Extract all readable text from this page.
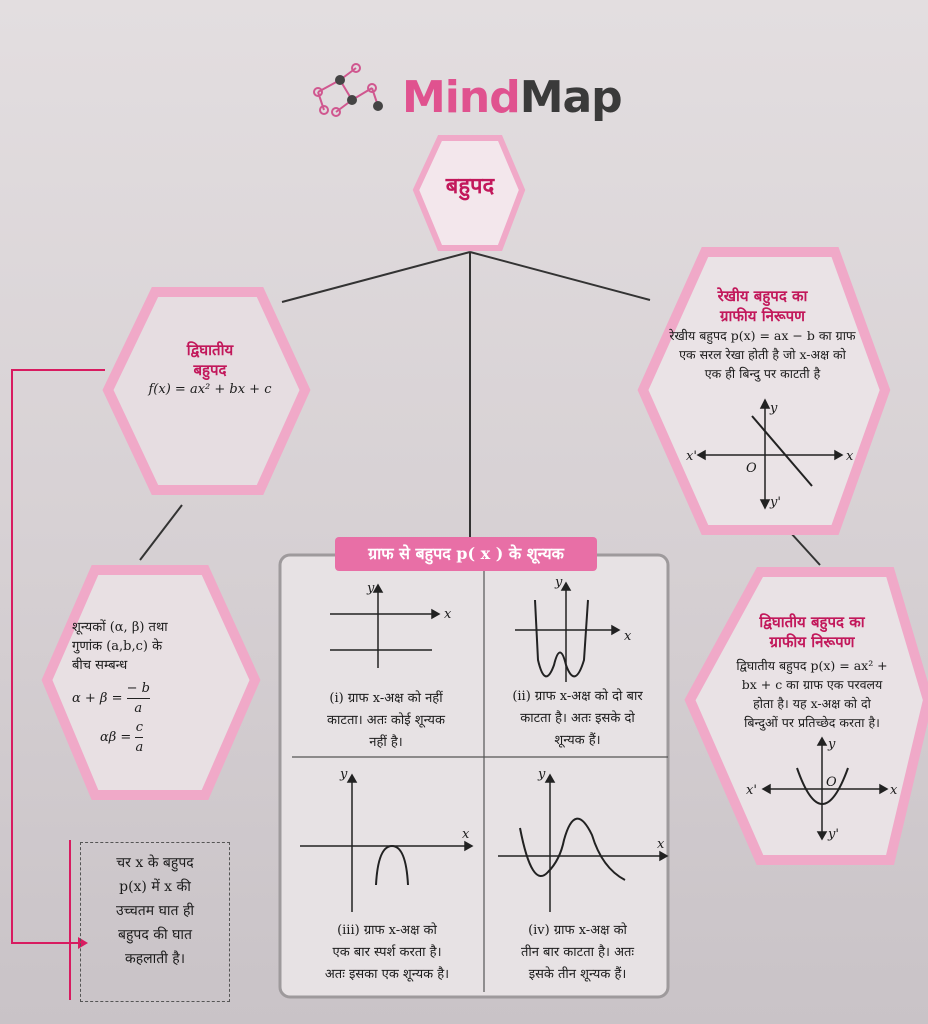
y
y'
x
x'
O
y
y'
x
x'
O
x
y
x
y
x
y
x
y
MindMap
बहुपद
द्विघातीय
बहुपद
f(x) = ax² + bx + c
रेखीय बहुपद का
ग्राफीय निरूपण
रेखीय बहुपद p(x) = ax − b का ग्राफ
एक सरल रेखा होती है जो x-अक्ष को
एक ही बिन्दु पर काटती है
शून्यकों (α, β) तथा
गुणांक (a,b,c) के
बीच सम्बन्ध
$\alpha + \beta = \frac{- b}{a}$
$\alpha\beta = \frac{c}{a}$
ग्राफ से बहुपद p( x ) के शून्यक
(i) ग्राफ x-अक्ष को नहीं
काटता। अतः कोई शून्यक
नहीं है।
(ii) ग्राफ x-अक्ष को दो बार
काटता है। अतः इसके दो
शून्यक हैं।
(iii) ग्राफ x-अक्ष को
एक बार स्पर्श करता है।
अतः इसका एक शून्यक है।
(iv) ग्राफ x-अक्ष को
तीन बार काटता है। अतः
इसके तीन शून्यक हैं।
द्विघातीय बहुपद का
ग्राफीय निरूपण
द्विघातीय बहुपद p(x) = ax² +
bx + c का ग्राफ एक परवलय
होता है। यह x-अक्ष को दो
बिन्दुओं पर प्रतिच्छेद करता है।
चर x के बहुपद
p(x) में x की
उच्चतम घात ही
बहुपद की घात
कहलाती है।
